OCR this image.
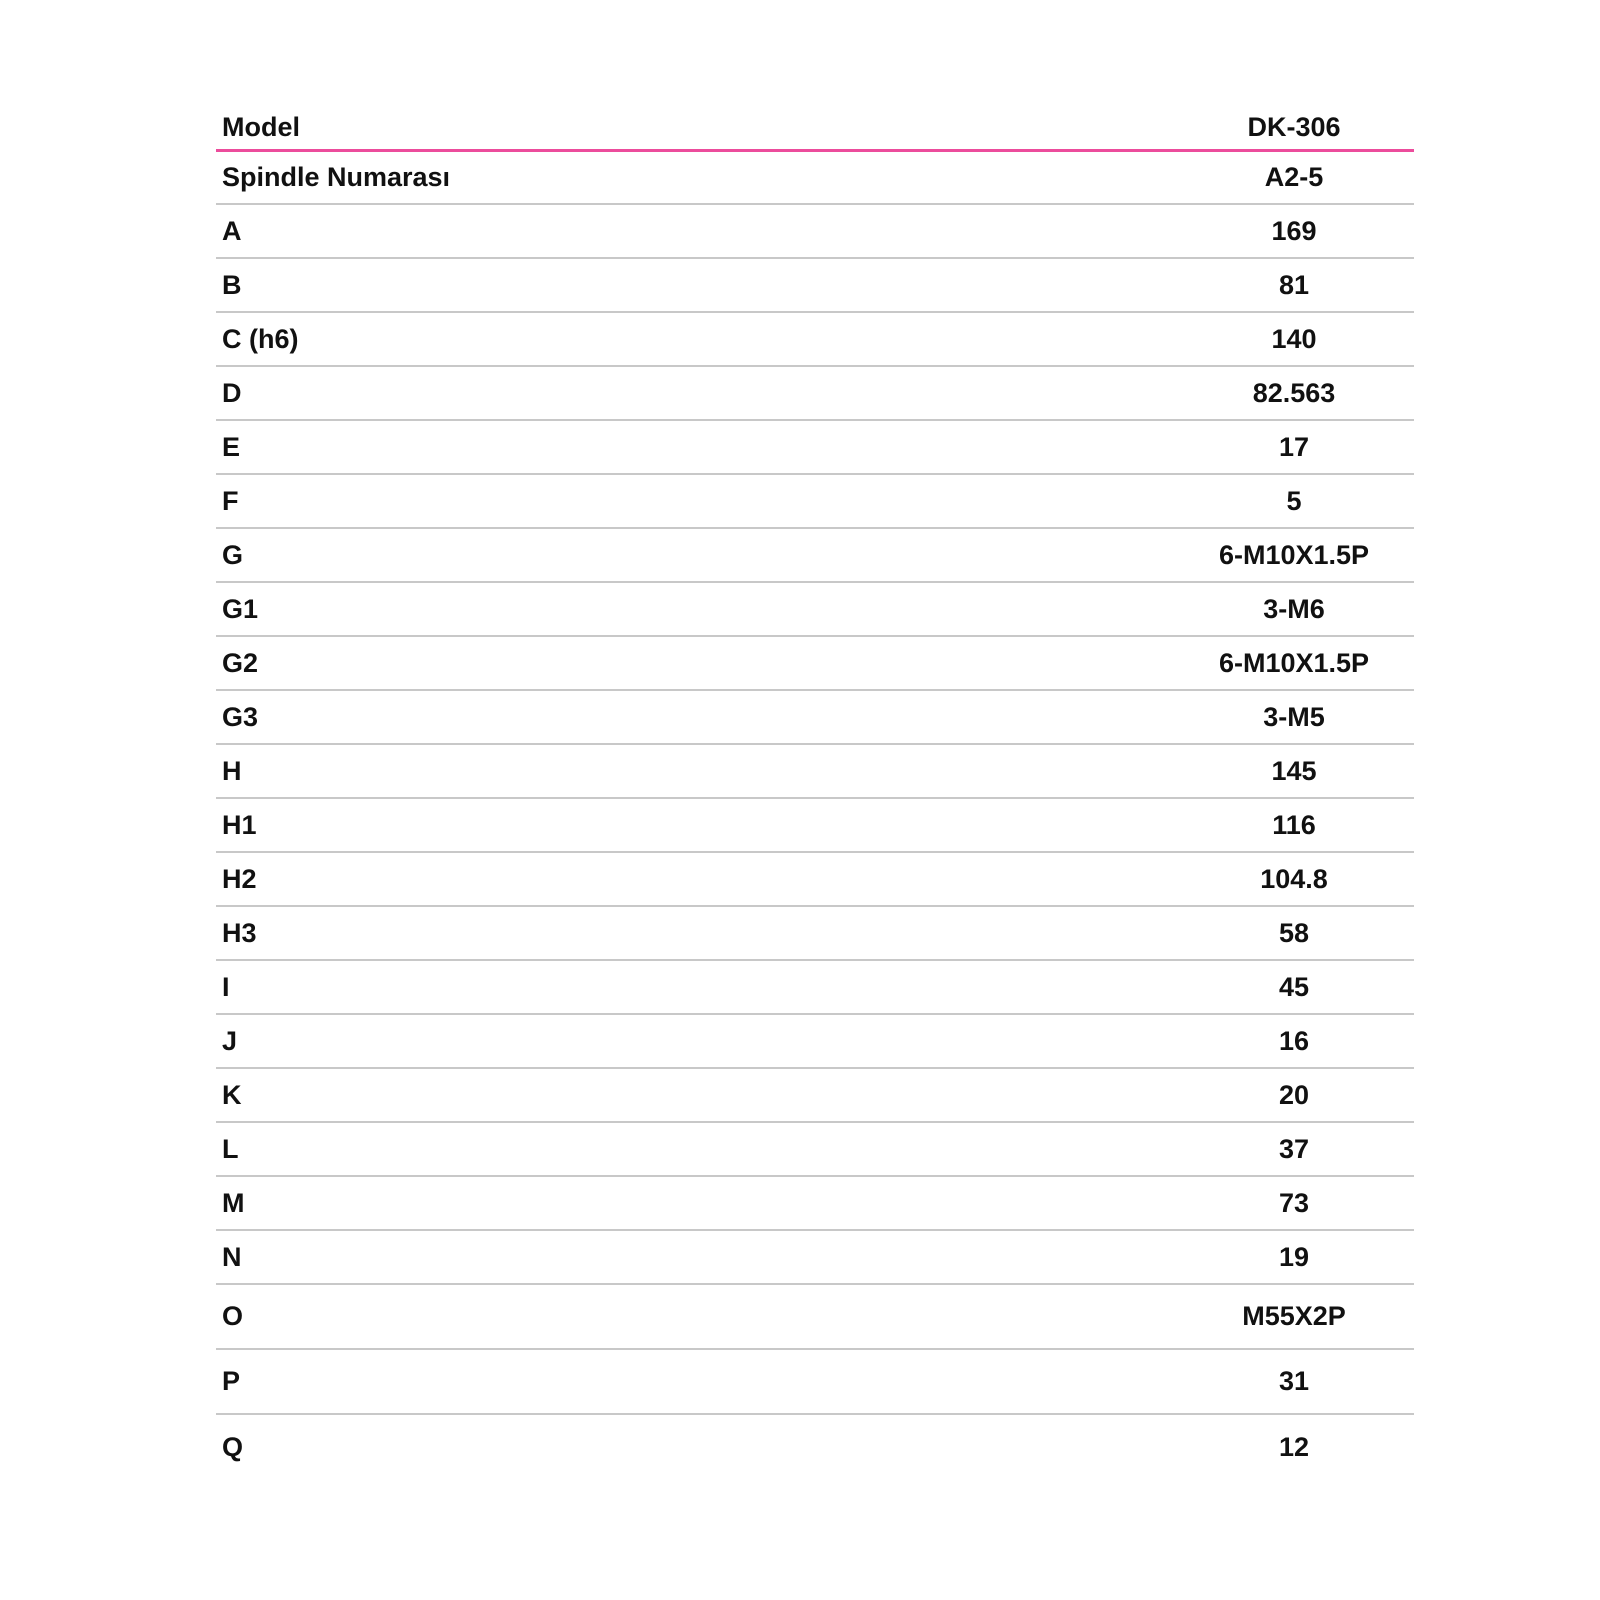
Model	DK-306
Spindle Numarası	A2-5
A	169
B	81
C (h6)	140
D	82.563
E	17
F	5
G	6-M10X1.5P
G1	3-M6
G2	6-M10X1.5P
G3	3-M5
H	145
H1	116
H2	104.8
H3	58
I	45
J	16
K	20
L	37
M	73
N	19
O	M55X2P
P	31
Q	12
